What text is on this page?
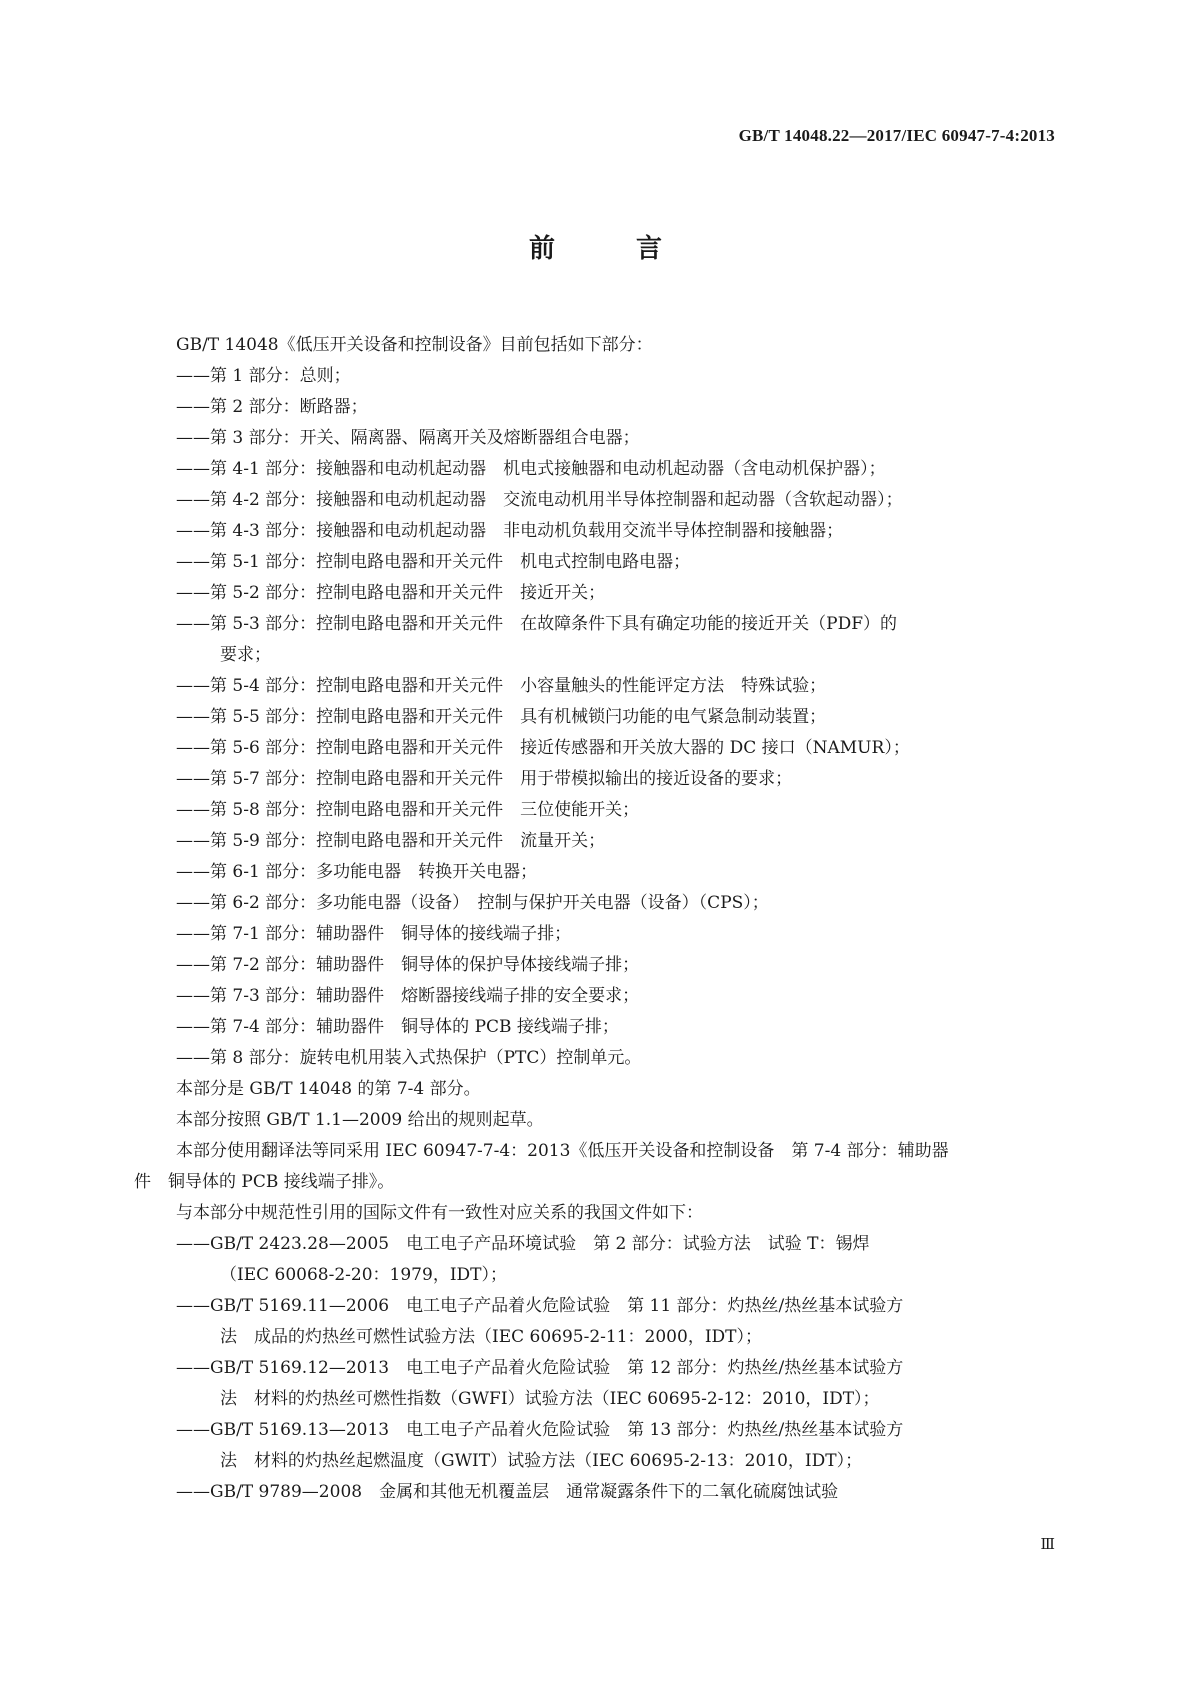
GB/T 14048.22—2017/IEC 60947-7-4:2013
前 言
GB/T 14048《低压开关设备和控制设备》目前包括如下部分：
——第 1 部分：总则；
——第 2 部分：断路器；
——第 3 部分：开关、隔离器、隔离开关及熔断器组合电器；
——第 4-1 部分：接触器和电动机起动器　机电式接触器和电动机起动器（含电动机保护器）；
——第 4-2 部分：接触器和电动机起动器　交流电动机用半导体控制器和起动器（含软起动器）；
——第 4-3 部分：接触器和电动机起动器　非电动机负载用交流半导体控制器和接触器；
——第 5-1 部分：控制电路电器和开关元件　机电式控制电路电器；
——第 5-2 部分：控制电路电器和开关元件　接近开关；
——第 5-3 部分：控制电路电器和开关元件　在故障条件下具有确定功能的接近开关（PDF）的
要求；
——第 5-4 部分：控制电路电器和开关元件　小容量触头的性能评定方法　特殊试验；
——第 5-5 部分：控制电路电器和开关元件　具有机械锁闩功能的电气紧急制动装置；
——第 5-6 部分：控制电路电器和开关元件　接近传感器和开关放大器的 DC 接口（NAMUR）；
——第 5-7 部分：控制电路电器和开关元件　用于带模拟输出的接近设备的要求；
——第 5-8 部分：控制电路电器和开关元件　三位使能开关；
——第 5-9 部分：控制电路电器和开关元件　流量开关；
——第 6-1 部分：多功能电器　转换开关电器；
——第 6-2 部分：多功能电器（设备）　控制与保护开关电器（设备）（CPS）；
——第 7-1 部分：辅助器件　铜导体的接线端子排；
——第 7-2 部分：辅助器件　铜导体的保护导体接线端子排；
——第 7-3 部分：辅助器件　熔断器接线端子排的安全要求；
——第 7-4 部分：辅助器件　铜导体的 PCB 接线端子排；
——第 8 部分：旋转电机用装入式热保护（PTC）控制单元。
本部分是 GB/T 14048 的第 7-4 部分。
本部分按照 GB/T 1.1—2009 给出的规则起草。
本部分使用翻译法等同采用 IEC 60947-7-4：2013《低压开关设备和控制设备　第 7-4 部分：辅助器
件　铜导体的 PCB 接线端子排》。
与本部分中规范性引用的国际文件有一致性对应关系的我国文件如下：
——GB/T 2423.28—2005　电工电子产品环境试验　第 2 部分：试验方法　试验 T：锡焊
（IEC 60068-2-20：1979，IDT）；
——GB/T 5169.11—2006　电工电子产品着火危险试验　第 11 部分：灼热丝/热丝基本试验方
法　成品的灼热丝可燃性试验方法（IEC 60695-2-11：2000，IDT）；
——GB/T 5169.12—2013　电工电子产品着火危险试验　第 12 部分：灼热丝/热丝基本试验方
法　材料的灼热丝可燃性指数（GWFI）试验方法（IEC 60695-2-12：2010，IDT）；
——GB/T 5169.13—2013　电工电子产品着火危险试验　第 13 部分：灼热丝/热丝基本试验方
法　材料的灼热丝起燃温度（GWIT）试验方法（IEC 60695-2-13：2010，IDT）；
——GB/T 9789—2008　金属和其他无机覆盖层　通常凝露条件下的二氧化硫腐蚀试验
Ⅲ
